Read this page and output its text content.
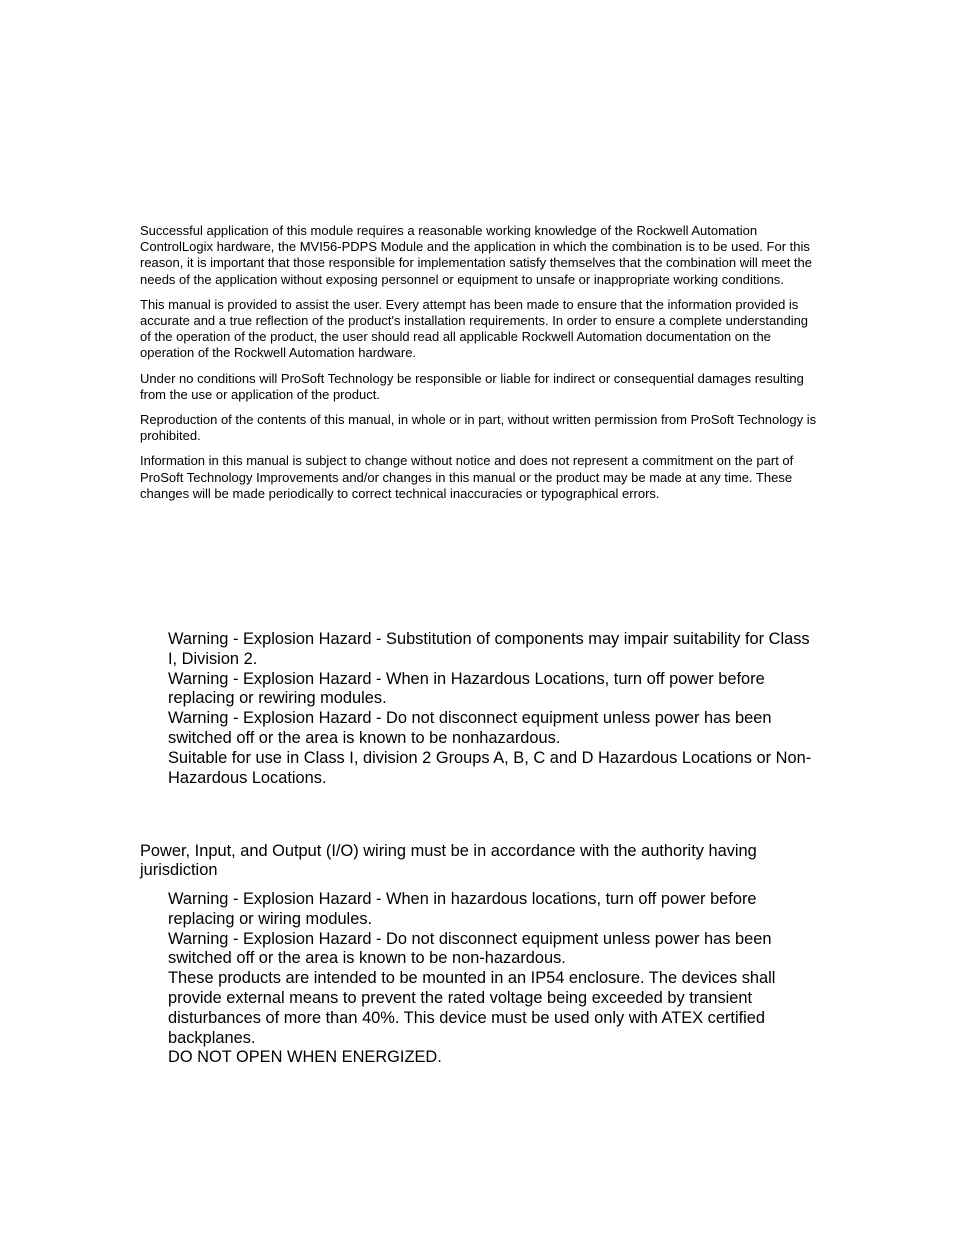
Successful application of this module requires a reasonable working knowledge of the Rockwell Automation ControlLogix hardware, the MVI56-PDPS Module and the application in which the combination is to be used. For this reason, it is important that those responsible for implementation satisfy themselves that the combination will meet the needs of the application without exposing personnel or equipment to unsafe or inappropriate working conditions.

This manual is provided to assist the user. Every attempt has been made to ensure that the information provided is accurate and a true reflection of the product's installation requirements. In order to ensure a complete understanding of the operation of the product, the user should read all applicable Rockwell Automation documentation on the operation of the Rockwell Automation hardware.

Under no conditions will ProSoft Technology be responsible or liable for indirect or consequential damages resulting from the use or application of the product.

Reproduction of the contents of this manual, in whole or in part, without written permission from ProSoft Technology is prohibited.

Information in this manual is subject to change without notice and does not represent a commitment on the part of ProSoft Technology Improvements and/or changes in this manual or the product may be made at any time. These changes will be made periodically to correct technical inaccuracies or typographical errors.

Warning - Explosion Hazard - Substitution of components may impair suitability for Class I, Division 2.

Warning - Explosion Hazard - When in Hazardous Locations, turn off power before replacing or rewiring modules.

Warning - Explosion Hazard - Do not disconnect equipment unless power has been switched off or the area is known to be nonhazardous.

Suitable for use in Class I, division 2 Groups A, B, C and D Hazardous Locations or Non-Hazardous Locations.

Power, Input, and Output (I/O) wiring must be in accordance with the authority having jurisdiction

Warning - Explosion Hazard - When in hazardous locations, turn off power before replacing or wiring modules.

Warning - Explosion Hazard - Do not disconnect equipment unless power has been switched off or the area is known to be non-hazardous.

These products are intended to be mounted in an IP54 enclosure. The devices shall provide external means to prevent the rated voltage being exceeded by transient disturbances of more than 40%. This device must be used only with ATEX certified backplanes.

DO NOT OPEN WHEN ENERGIZED.
